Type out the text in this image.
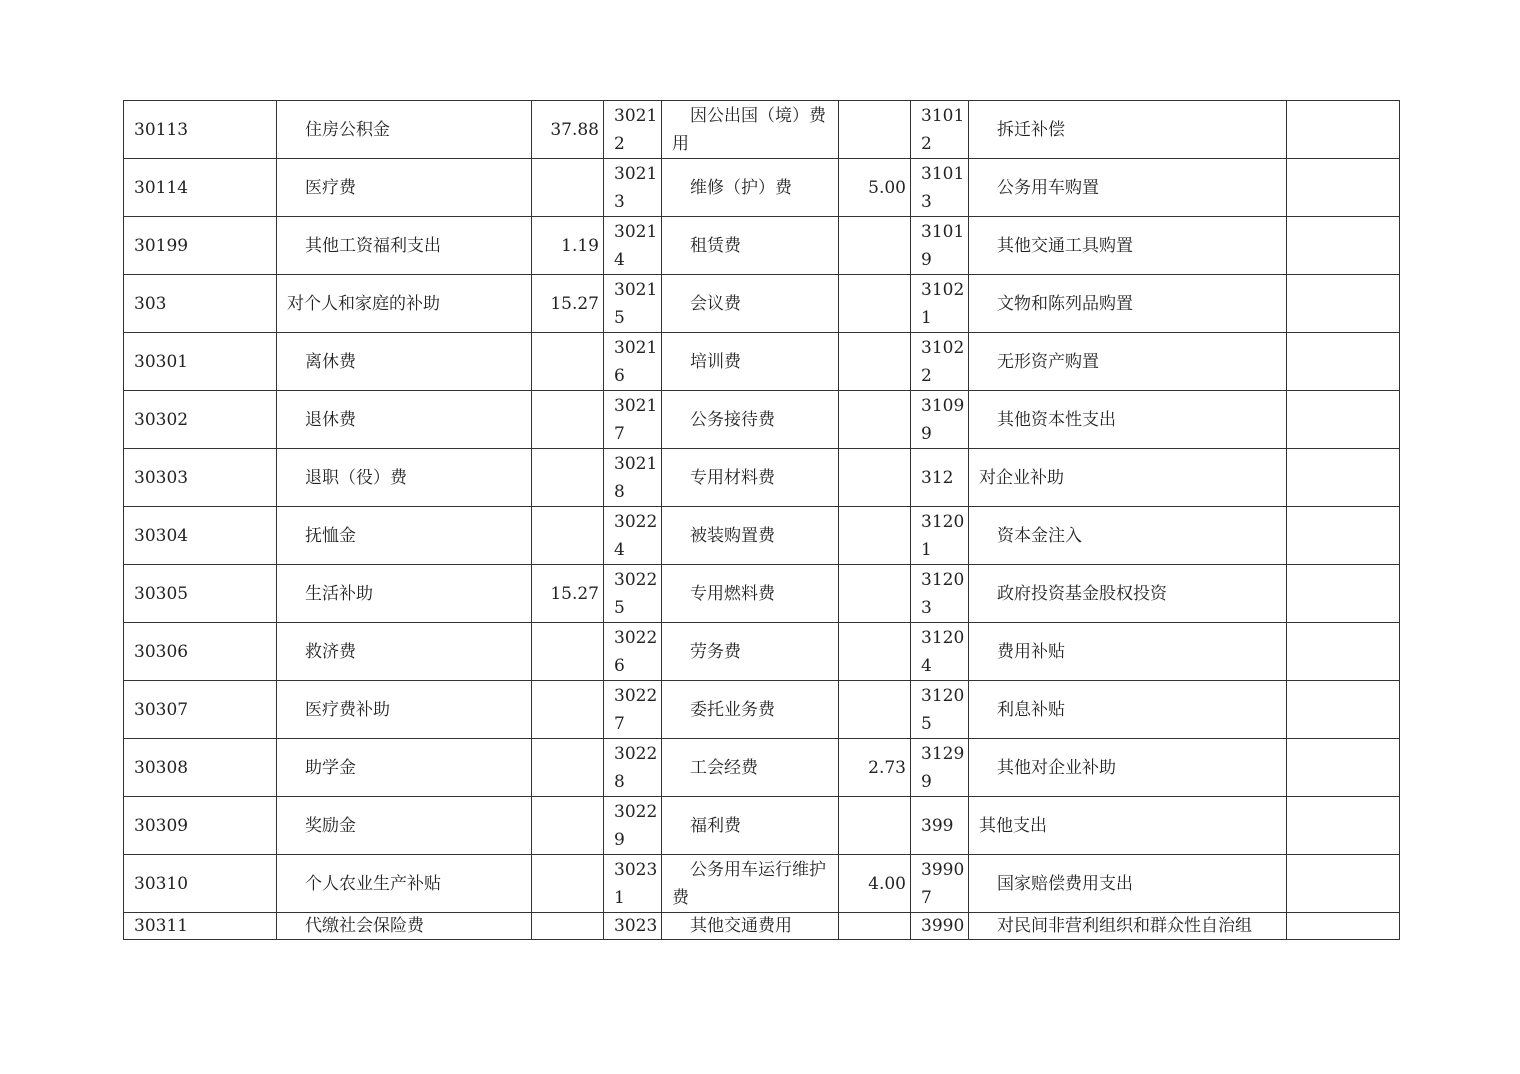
30113	住房公积金	37.88	30212	因公出国（境）费用		31012	拆迁补偿	
30114	医疗费		30213	维修（护）费	5.00	31013	公务用车购置	
30199	其他工资福利支出	1.19	30214	租赁费		31019	其他交通工具购置	
303	对个人和家庭的补助	15.27	30215	会议费		31021	文物和陈列品购置	
30301	离休费		30216	培训费		31022	无形资产购置	
30302	退休费		30217	公务接待费		31099	其他资本性支出	
30303	退职（役）费		30218	专用材料费		312	对企业补助	
30304	抚恤金		30224	被装购置费		31201	资本金注入	
30305	生活补助	15.27	30225	专用燃料费		31203	政府投资基金股权投资	
30306	救济费		30226	劳务费		31204	费用补贴	
30307	医疗费补助		30227	委托业务费		31205	利息补贴	
30308	助学金		30228	工会经费	2.73	31299	其他对企业补助	
30309	奖励金		30229	福利费		399	其他支出	
30310	个人农业生产补贴		30231	公务用车运行维护费	4.00	39907	国家赔偿费用支出	
30311	代缴社会保险费		3023	其他交通费用		3990	对民间非营利组织和群众性自治组	
